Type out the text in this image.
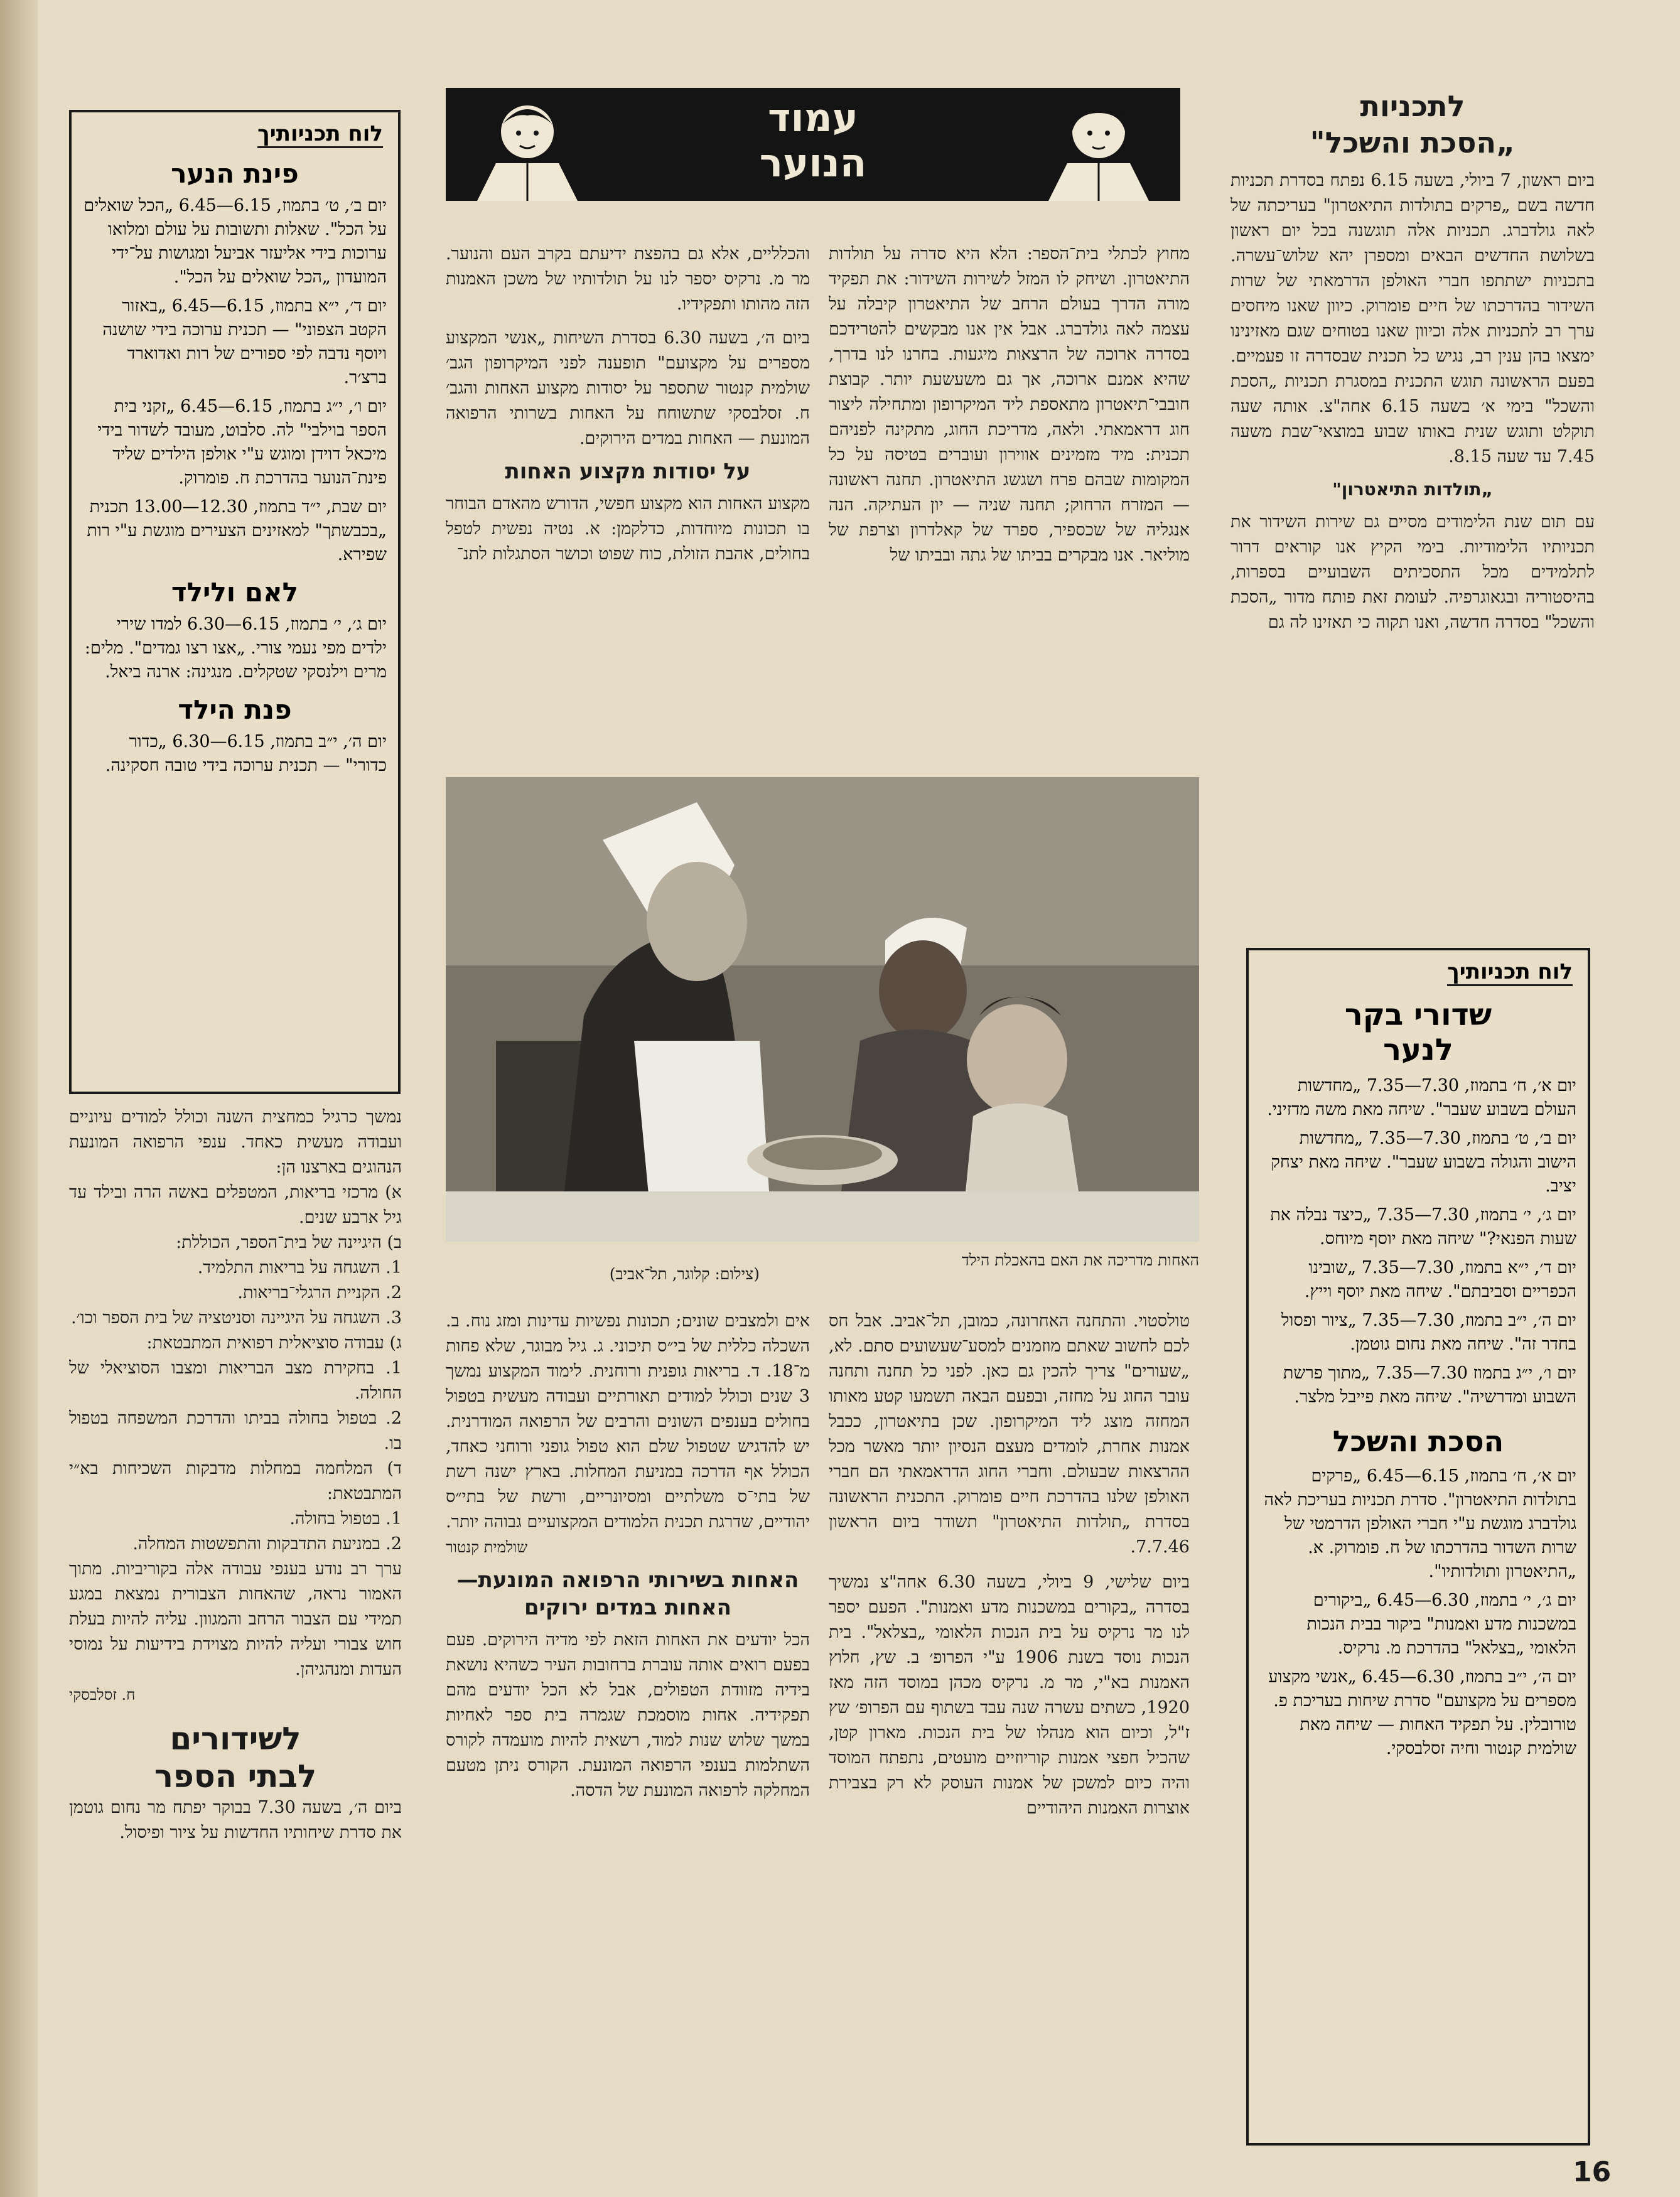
לוח תכניותיך
פינת הנער
יום ב׳, ט׳ בתמוז, 6.15—6.45 „הכל שואלים על הכל". שאלות ותשובות על עולם ומלואו ערוכות בידי אליעזר אביעל ומגושות על־ידי המועדון „הכל שואלים על הכל".
יום ד׳, י״א בתמוז, 6.15—6.45 „באזור הקטב הצפוני" — תכנית ערוכה בידי שושנה ויוסף נדבה לפי ספורים של רות ואדוארד ברצ׳ר.
יום ו׳, י״ג בתמוז, 6.15—6.45 „זקני בית הספר בוילבי" לה. סלבוט, מעובד לשדור בידי מיכאל דוידן ומוגש ע"י אולפן הילדים שליד פינת־הנוער בהדרכת ח. פומרוק.
יום שבת, י״ד בתמוז, 12.30—13.00 תכנית „בכבשתך" למאזינים הצעירים מוגשת ע"י רות שפירא.
לאם ולילד
יום ג׳, י׳ בתמוז, 6.15—6.30 למדו שירי ילדים מפי נעמי צורי. „אצו רצו גמדים". מלים: מרים וילנסקי שטקלים. מנגינה: ארנה ביאל.
פנת הילד
יום ה׳, י״ב בתמוז, 6.15—6.30 „כדור כדורי" — תכנית ערוכה בידי טובה חסקינה.
נמשך כרגיל כמחצית השנה וכולל למודים עיוניים ועבודה מעשית כאחד. ענפי הרפואה המונעת הנהוגים בארצנו הן:
א) מרכזי בריאות, המטפלים באשה הרה ובילד עד גיל ארבע שנים.
ב) היגיינה של בית־הספר, הכוללת:
1. השגחה על בריאות התלמיד.
2. הקניית הרגלי־בריאות.
3. השגחה על היגיינה וסניטציה של בית הספר וכו׳.
ג) עבודה סוציאלית רפואית המתבטאת:
1. בחקירת מצב הבריאות ומצבו הסוציאלי של החולה.
2. בטפול בחולה בביתו והדרכת המשפחה בטפול בו.
ד) המלחמה במחלות מדבקות השכיחות בא״י המתבטאת:
1. בטפול בחולה.
2. במניעת התדבקות והתפשטות המחלה.
ערך רב נודע בענפי עבודה אלה בקוריביות. מתוך האמור נראה, שהאחות הצבורית נמצאת במגע תמידי עם הצבור הרחב והמגוון. עליה להיות בעלת חוש צבורי ועליה להיות מצוידת בידיעות על נמוסי העדות ומנהגיהן.
ח. זסלבסקי
לשידורים
לבתי הספר
ביום ה׳, בשעה 7.30 בבוקר יפתח מר נחום גוטמן את סדרת שיחותיו החדשות על ציור ופיסול.
עמוד
הנוער
מחוץ לכתלי בית־הספר: הלא היא סדרה על תולדות התיאטרון. ושיחק לו המזל לשירות השידור: את תפקיד מורה הדרך בעולם הרחב של התיאטרון קיבלה על עצמה לאה גולדברג. אבל אין אנו מבקשים להטרידכם בסדרה ארוכה של הרצאות מיגעות. בחרנו לנו בדרך, שהיא אמנם ארוכה, אך גם משעשעת יותר. קבוצת חובבי־תיאטרון מתאספת ליד המיקרופון ומתחילה ליצור חוג דראמאתי. ולאה, מדריכת החוג, מתקינה לפניהם תכנית: מיד מזמינים אווירון ועוברים בטיסה על כל המקומות שבהם פרח ושגשג התיאטרון. תחנה ראשונה — המזרח הרחוק; תחנה שניה — יון העתיקה. הנה אנגליה של שכספיר, ספרד של קאלדרון וצרפת של מוליאר. אנו מבקרים בביתו של גתה ובביתו של
והכלליים, אלא גם בהפצת ידיעתם בקרב העם והנוער. מר מ. נרקיס יספר לנו על תולדותיו של משכן האמנות הזה מהותו ותפקידיו.
ביום ה׳, בשעה 6.30 בסדרת השיחות „אנשי המקצוע מספרים על מקצועם" תופענה לפני המיקרופון הגב׳ שולמית קנטור שתספר על יסודות מקצוע האחות והגב׳ ח. זסלבסקי שתשוחח על האחות בשרותי הרפואה המונעת — האחות במדים הירוקים.
על יסודות מקצוע האחות
מקצוע האחות הוא מקצוע חפשי, הדורש מהאדם הבוחר בו תכונות מיוחדות, כדלקמן: א. נטיה נפשית לטפל בחולים, אהבת הזולת, כוח שפוט וכושר הסתגלות לתנ־
האחות מדריכה את האם בהאכלת הילד
(צילום: קלוגר, תל־אביב)
טולסטוי. והתחנה האחרונה, כמובן, תל־אביב. אבל חס לכם לחשוב שאתם מוזמנים למסע־שעשועים סתם. לא, „שעורים" צריך להכין גם כאן. לפני כל תחנה ותחנה עובר החוג על מחזה, ובפעם הבאה תשמעו קטע מאותו המחזה מוצג ליד המיקרופון. שכן בתיאטרון, ככבל אמנות אחרת, לומדים מעצם הנסיון יותר מאשר מכל ההרצאות שבעולם. וחברי החוג הדראמאתי הם חברי האולפן שלנו בהדרכת חיים פומרוק. התכנית הראשונה בסדרת „תולדות התיאטרון" תשודר ביום הראשון 7.7.46.
ביום שלישי, 9 ביולי, בשעה 6.30 אחה"צ נמשיך בסדרה „בקורים במשכנות מדע ואמנות". הפעם יספר לנו מר נרקיס על בית הנכות הלאומי „בצלאל". בית הנכות נוסד בשנת 1906 ע"י הפרופ׳ ב. שץ, חלוץ האמנות בא"י, מר מ. נרקיס מכהן במוסד הזה מאז 1920, כשתים עשרה שנה עבד בשתוף עם הפרופ׳ שץ ז"ל, וכיום הוא מנהלו של בית הנכות. מארון קטן, שהכיל חפצי אמנות קוריוזיים מועטים, נתפתח המוסד והיה כיום למשכן של אמנות העוסק לא רק בצבירת אוצרות האמנות היהודיים
אים ולמצבים שונים; תכונות נפשיות עדינות ומזג נוח. ב. השכלה כללית של בי״ס תיכוני. ג. גיל מבוגר, שלא פחות מ־18. ד. בריאות גופנית ורוחנית. לימוד המקצוע נמשך 3 שנים וכולל למודים תאורתיים ועבודה מעשית בטפול בחולים בענפים השונים והרבים של הרפואה המודרנית. יש להדגיש שטפול שלם הוא טפול גופני ורוחני כאחד, הכולל אף הדרכה במניעת המחלות. בארץ ישנה רשת של בתי־ס משלתיים ומסיונריים, ורשת של בתי״ס יהודיים, שדרגת תכנית הלמודים המקצועיים גבוהה יותר.
שולמית קנטור
האחות בשירותי הרפואה המונעת— האחות במדים ירוקים
הכל יודעים את האחות הזאת לפי מדיה הירוקים. פעם בפעם רואים אותה עוברת ברחובות העיר כשהיא נושאת בידיה מזוודת הטפולים, אבל לא הכל יודעים מהם תפקידיה. אחות מוסמכת שגמרה בית ספר לאחיות במשך שלוש שנות למוד, רשאית להיות מועמדה לקורס השתלמות בענפי הרפואה המונעת. הקורס ניתן מטעם המחלקה לרפואה המונעת של הדסה.
לתכניות
„הסכת והשכל"
ביום ראשון, 7 ביולי, בשעה 6.15 נפתח בסדרת תכניות חדשה בשם „פרקים בתולדות התיאטרון" בעריכתה של לאה גולדברג. תכניות אלה תוגשנה בכל יום ראשון בשלושת החדשים הבאים ומספרן יהא שלוש־עשרה. בתכניות ישתתפו חברי האולפן הדרמאתי של שרות השידור בהדרכתו של חיים פומרוק. כיוון שאנו מיחסים ערך רב לתכניות אלה וכיוון שאנו בטוחים שגם מאזינינו ימצאו בהן ענין רב, נגיש כל תכנית שבסדרה זו פעמיים. בפעם הראשונה תוגש התכנית במסגרת תכניות „הסכת והשכל" בימי א׳ בשעה 6.15 אחה"צ. אותה שעה תוקלט ותוגש שנית באותו שבוע במוצאי־שבת משעה 7.45 עד שעה 8.15.
„תולדות התיאטרון"
עם תום שנת הלימודים מסיים גם שירות השידור את תכניותיו הלימודיות. בימי הקיץ אנו קוראים דרור לתלמידים מכל התסכיתים השבועיים בספרות, בהיסטוריה ובגאוגרפיה. לעומת זאת פותח מדור „הסכת והשכל" בסדרה חדשה, ואנו תקוה כי תאזינו לה גם
לוח תכניותיך
שדורי בקר
לנער
יום א׳, ח׳ בתמוז, 7.30—7.35 „מחדשות העולם בשבוע שעבר". שיחה מאת משה מדזיני.
יום ב׳, ט׳ בתמוז, 7.30—7.35 „מחדשות הישוב והגולה בשבוע שעבר". שיחה מאת יצחק יציב.
יום ג׳, י׳ בתמוז, 7.30—7.35 „כיצד נבלה את שעות הפנאי?" שיחה מאת יוסף מיוחס.
יום ד׳, י״א בתמוז, 7.30—7.35 „שובינו הכפריים וסביבתם". שיחה מאת יוסף וייץ.
יום ה׳, י״ב בתמוז, 7.30—7.35 „ציור ופסול בחדר זה". שיחה מאת נחום גוטמן.
יום ו׳, י״ג בתמוז 7.30—7.35 „מתוך פרשת השבוע ומדרשיה". שיחה מאת פייבל מלצר.
הסכת והשכל
יום א׳, ח׳ בתמוז, 6.15—6.45 „פרקים בתולדות התיאטרון". סדרת תכניות בעריכת לאה גולדברג מוגשת ע"י חברי האולפן הדרמטי של שרות השדור בהדרכתו של ח. פומרוק. א. „התיאטרון ותולדותיו".
יום ג׳, י׳ בתמוז, 6.30—6.45 „ביקורים במשכנות מדע ואמנות" ביקור בבית הנכות הלאומי „בצלאל" בהדרכת מ. נרקיס.
יום ה׳, י״ב בתמוז, 6.30—6.45 „אנשי מקצוע מספרים על מקצועם" סדרת שיחות בעריכת פ. טורובלין. על תפקיד האחות — שיחה מאת שולמית קנטור וחיה זסלבסקי.
16
